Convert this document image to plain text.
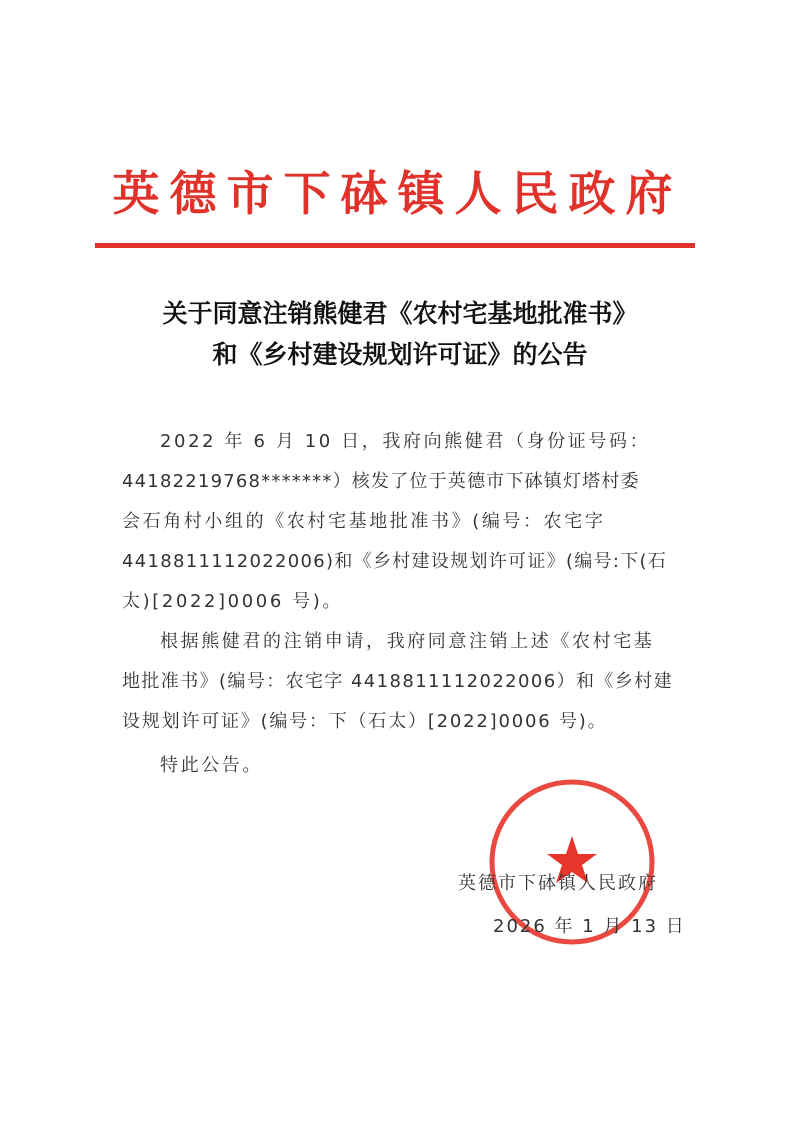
英德市下砵镇人民政府
关于同意注销熊健君《农村宅基地批准书》
和《乡村建设规划许可证》的公告
2022 年 6 月 10 日，我府向熊健君（身份证号码：
44182219768*******）核发了位于英德市下砵镇灯塔村委
会石角村小组的《农村宅基地批准书》(编号：农宅字
4418811112022006)和《乡村建设规划许可证》(编号:下(石
太)[2022]0006 号)。
根据熊健君的注销申请，我府同意注销上述《农村宅基
地批准书》(编号：农宅字 4418811112022006）和《乡村建
设规划许可证》(编号：下（石太）[2022]0006 号)。
特此公告。
英德市下砵镇人民政府
2026 年 1 月 13 日
